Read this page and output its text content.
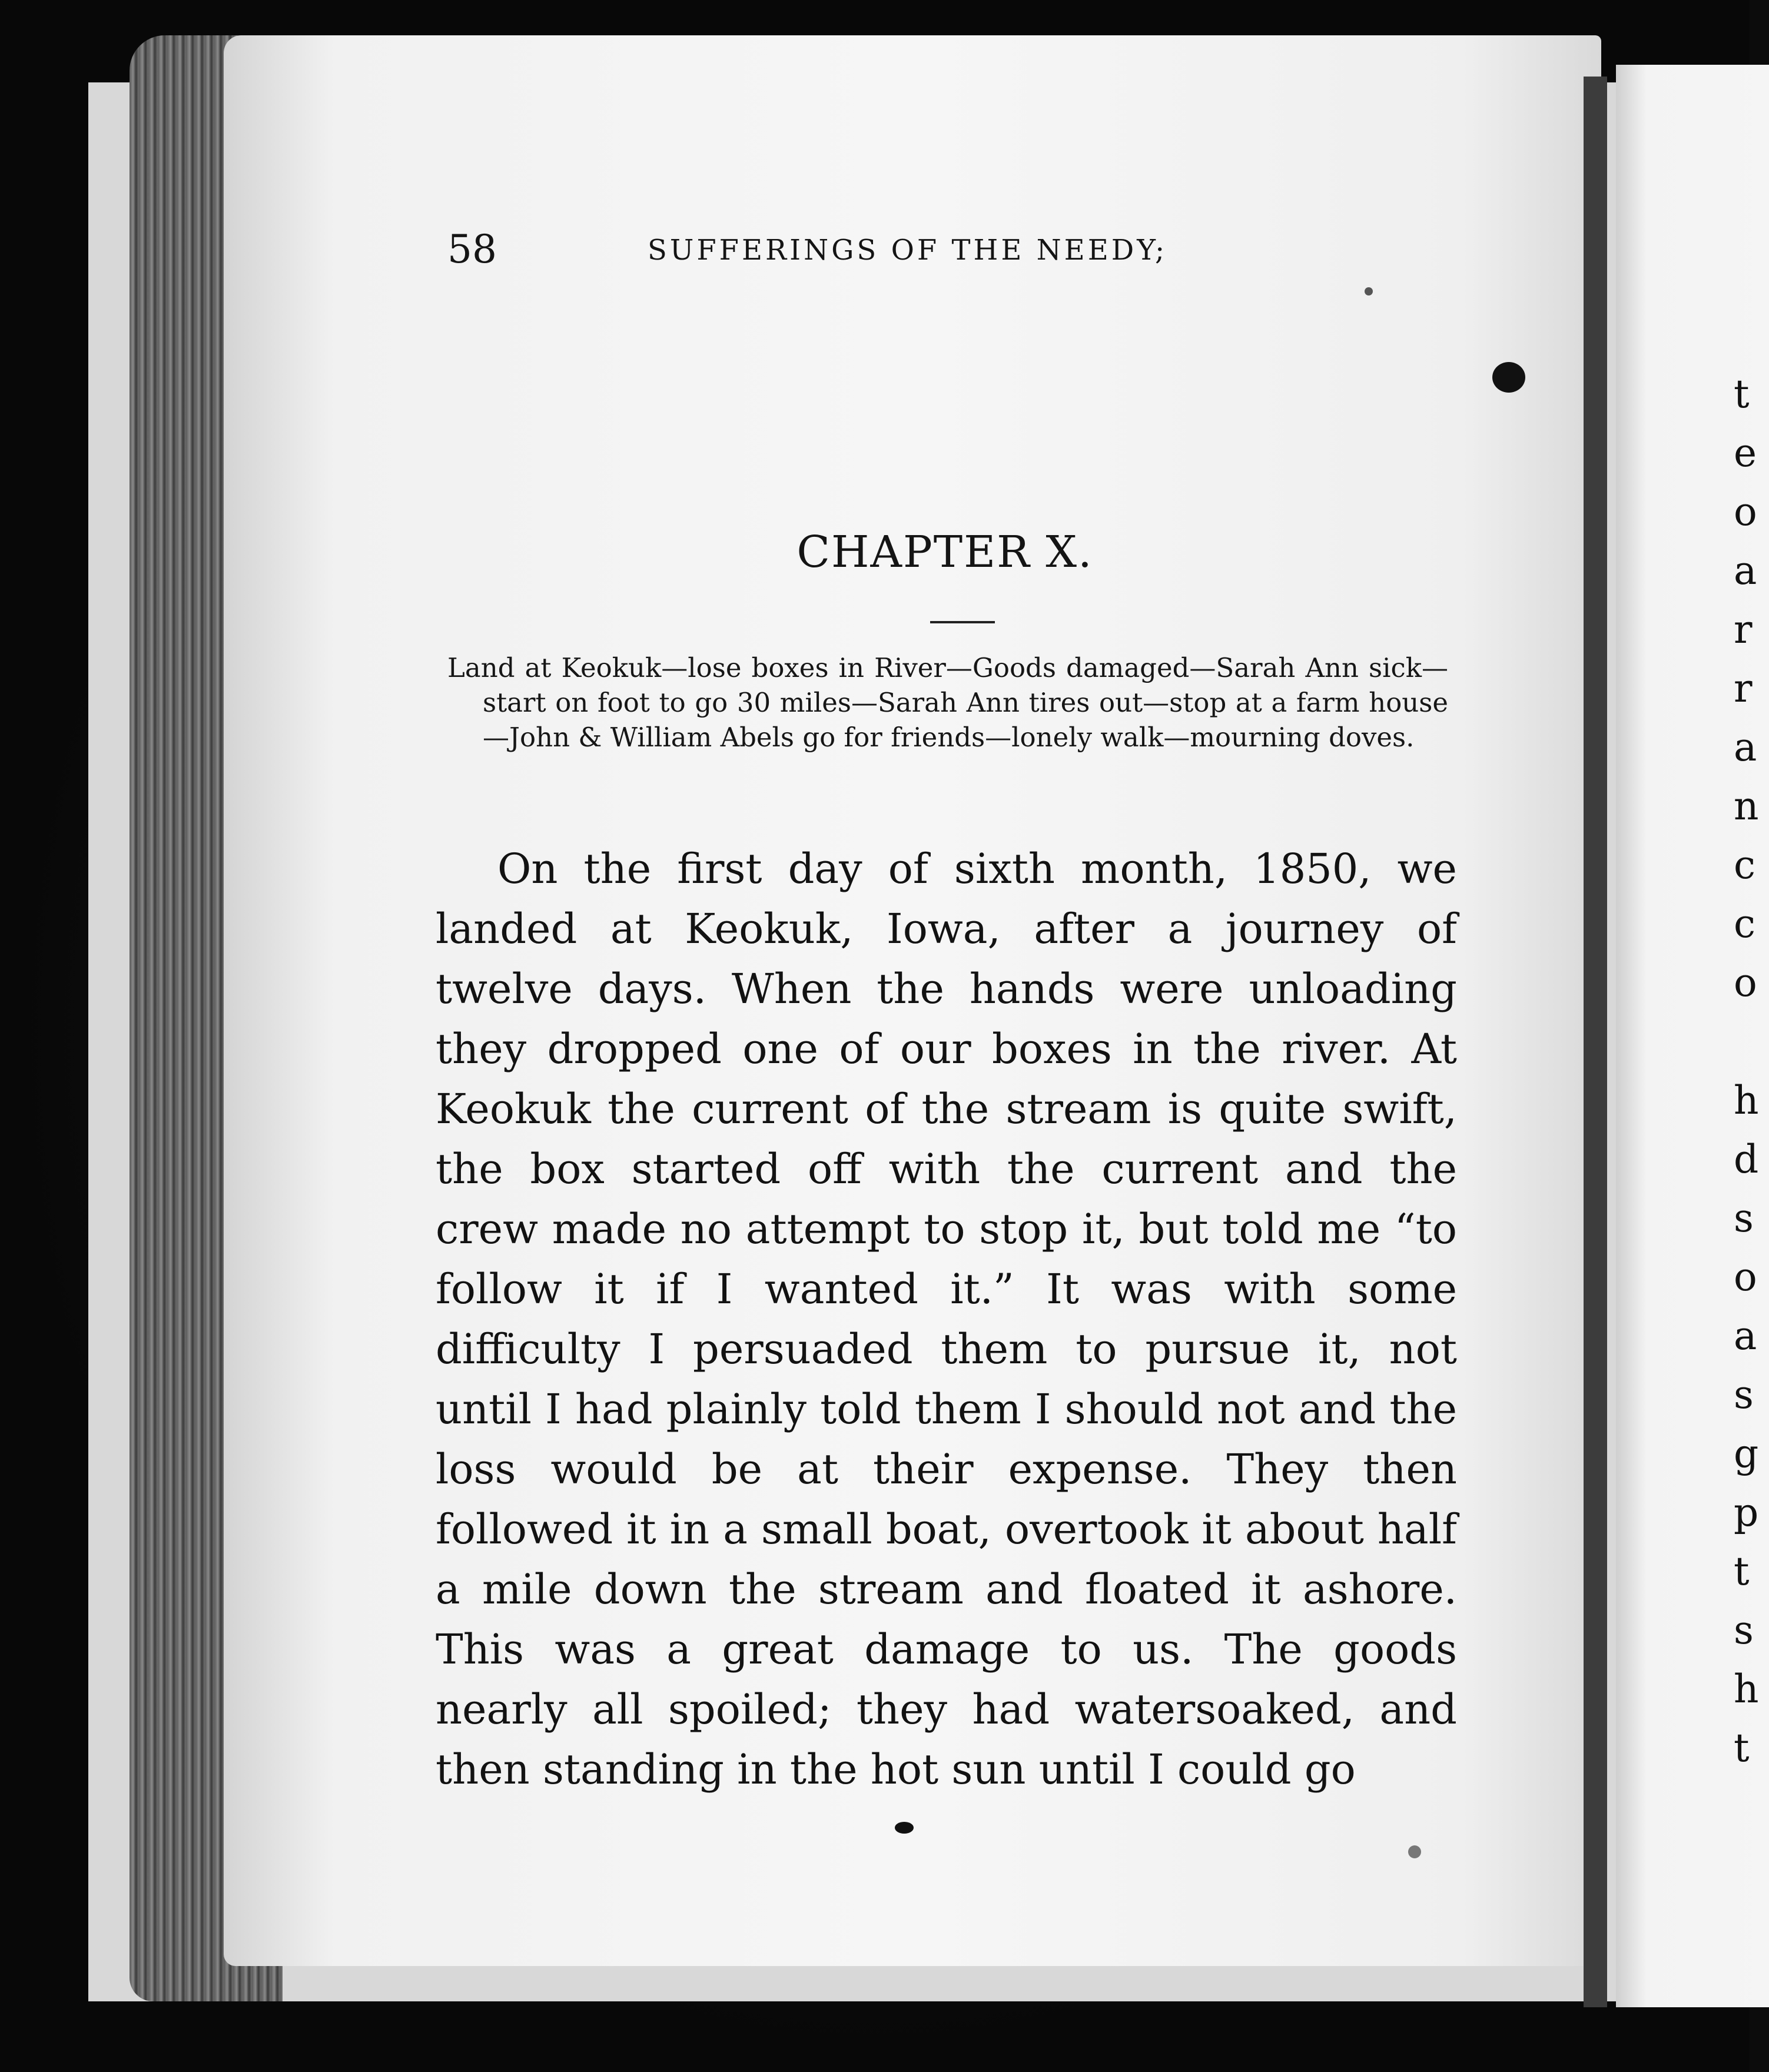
t
e
o
a
r
r
a
n
c
c
o
h
d
s
o
a
s
g
p
t
s
h
t
58	SUFFERINGS OF THE NEEDY;
CHAPTER X.
Land at Keokuk—lose boxes in River—Goods damaged—Sarah Ann sick—start on foot to go 30 miles—Sarah Ann tires out—stop at a farm house—John & William Abels go for friends—lonely walk—mourning doves.

On the first day of sixth month, 1850, we landed at Keokuk, Iowa, after a journey of twelve days. When the hands were unloading they dropped one of our boxes in the river. At Keokuk the current of the stream is quite swift, the box started off with the current and the crew made no attempt to stop it, but told me “to follow it if I wanted it.” It was with some difficulty I persuaded them to pursue it, not until I had plainly told them I should not and the loss would be at their expense. They then followed it in a small boat, overtook it about half a mile down the stream and floated it ashore. This was a great damage to us. The goods nearly all spoiled; they had watersoaked, and then standing in the hot sun until I could go
